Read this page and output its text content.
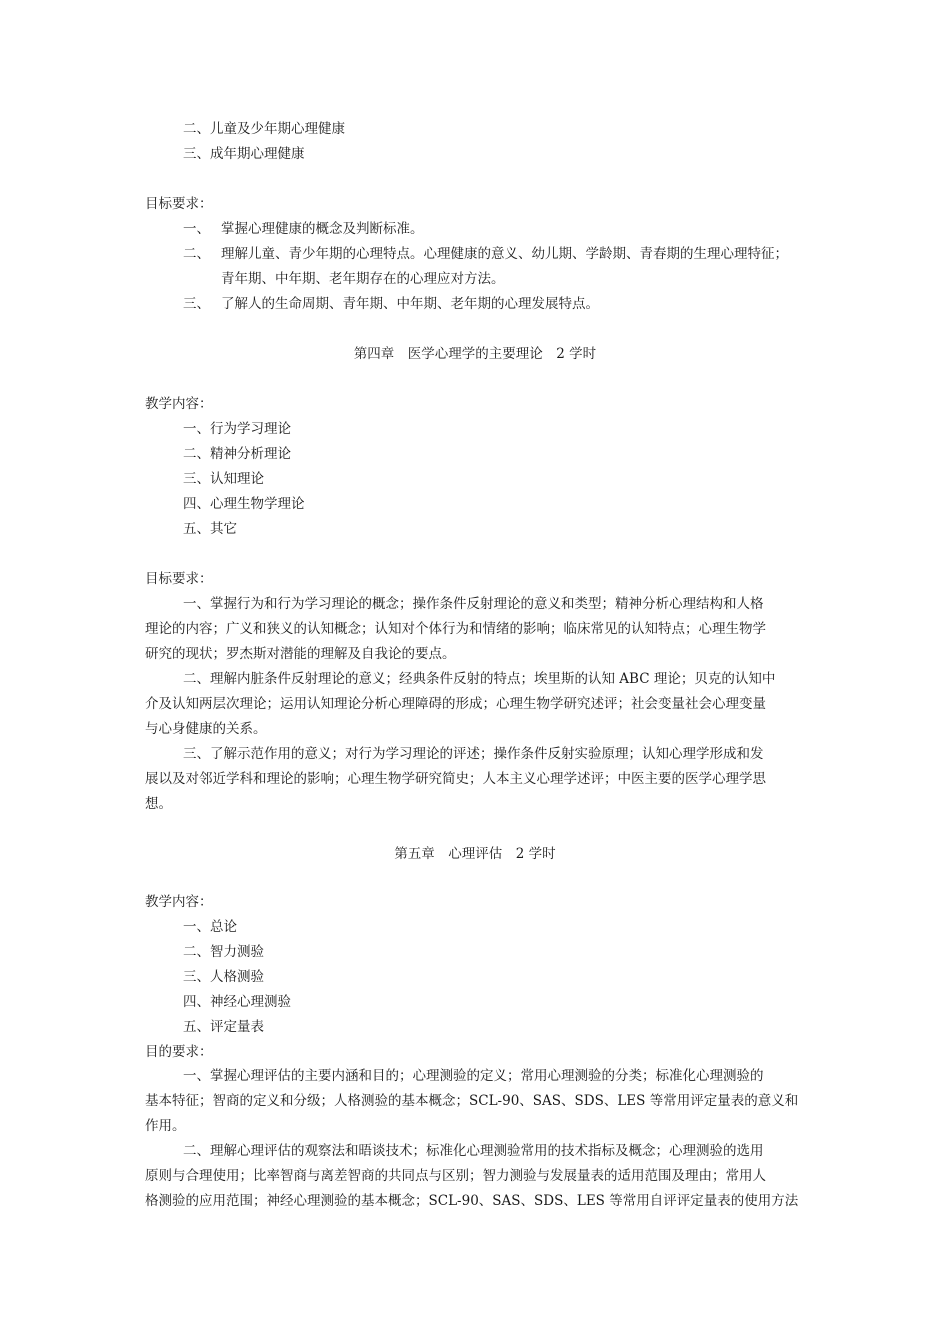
二、儿童及少年期心理健康
三、成年期心理健康
目标要求：
一、 掌握心理健康的概念及判断标准。
二、 理解儿童、青少年期的心理特点。心理健康的意义、幼儿期、学龄期、青春期的生理心理特征；
青年期、中年期、老年期存在的心理应对方法。
三、 了解人的生命周期、青年期、中年期、老年期的心理发展特点。
第四章　医学心理学的主要理论　2 学时
教学内容：
一、行为学习理论
二、精神分析理论
三、认知理论
四、心理生物学理论
五、其它
目标要求：
一、掌握行为和行为学习理论的概念；操作条件反射理论的意义和类型；精神分析心理结构和人格
理论的内容；广义和狭义的认知概念；认知对个体行为和情绪的影响；临床常见的认知特点；心理生物学
研究的现状；罗杰斯对潜能的理解及自我论的要点。
二、理解内脏条件反射理论的意义；经典条件反射的特点；埃里斯的认知 ABC 理论；贝克的认知中
介及认知两层次理论；运用认知理论分析心理障碍的形成；心理生物学研究述评；社会变量社会心理变量
与心身健康的关系。
三、了解示范作用的意义；对行为学习理论的评述；操作条件反射实验原理；认知心理学形成和发
展以及对邻近学科和理论的影响；心理生物学研究简史；人本主义心理学述评；中医主要的医学心理学思
想。
第五章　心理评估　2 学时
教学内容：
一、总论
二、智力测验
三、人格测验
四、神经心理测验
五、评定量表
目的要求：
一、掌握心理评估的主要内涵和目的；心理测验的定义；常用心理测验的分类；标准化心理测验的
基本特征；智商的定义和分级；人格测验的基本概念；SCL-90、SAS、SDS、LES 等常用评定量表的意义和
作用。
二、理解心理评估的观察法和晤谈技术；标准化心理测验常用的技术指标及概念；心理测验的选用
原则与合理使用；比率智商与离差智商的共同点与区别；智力测验与发展量表的适用范围及理由；常用人
格测验的应用范围；神经心理测验的基本概念；SCL-90、SAS、SDS、LES 等常用自评评定量表的使用方法
